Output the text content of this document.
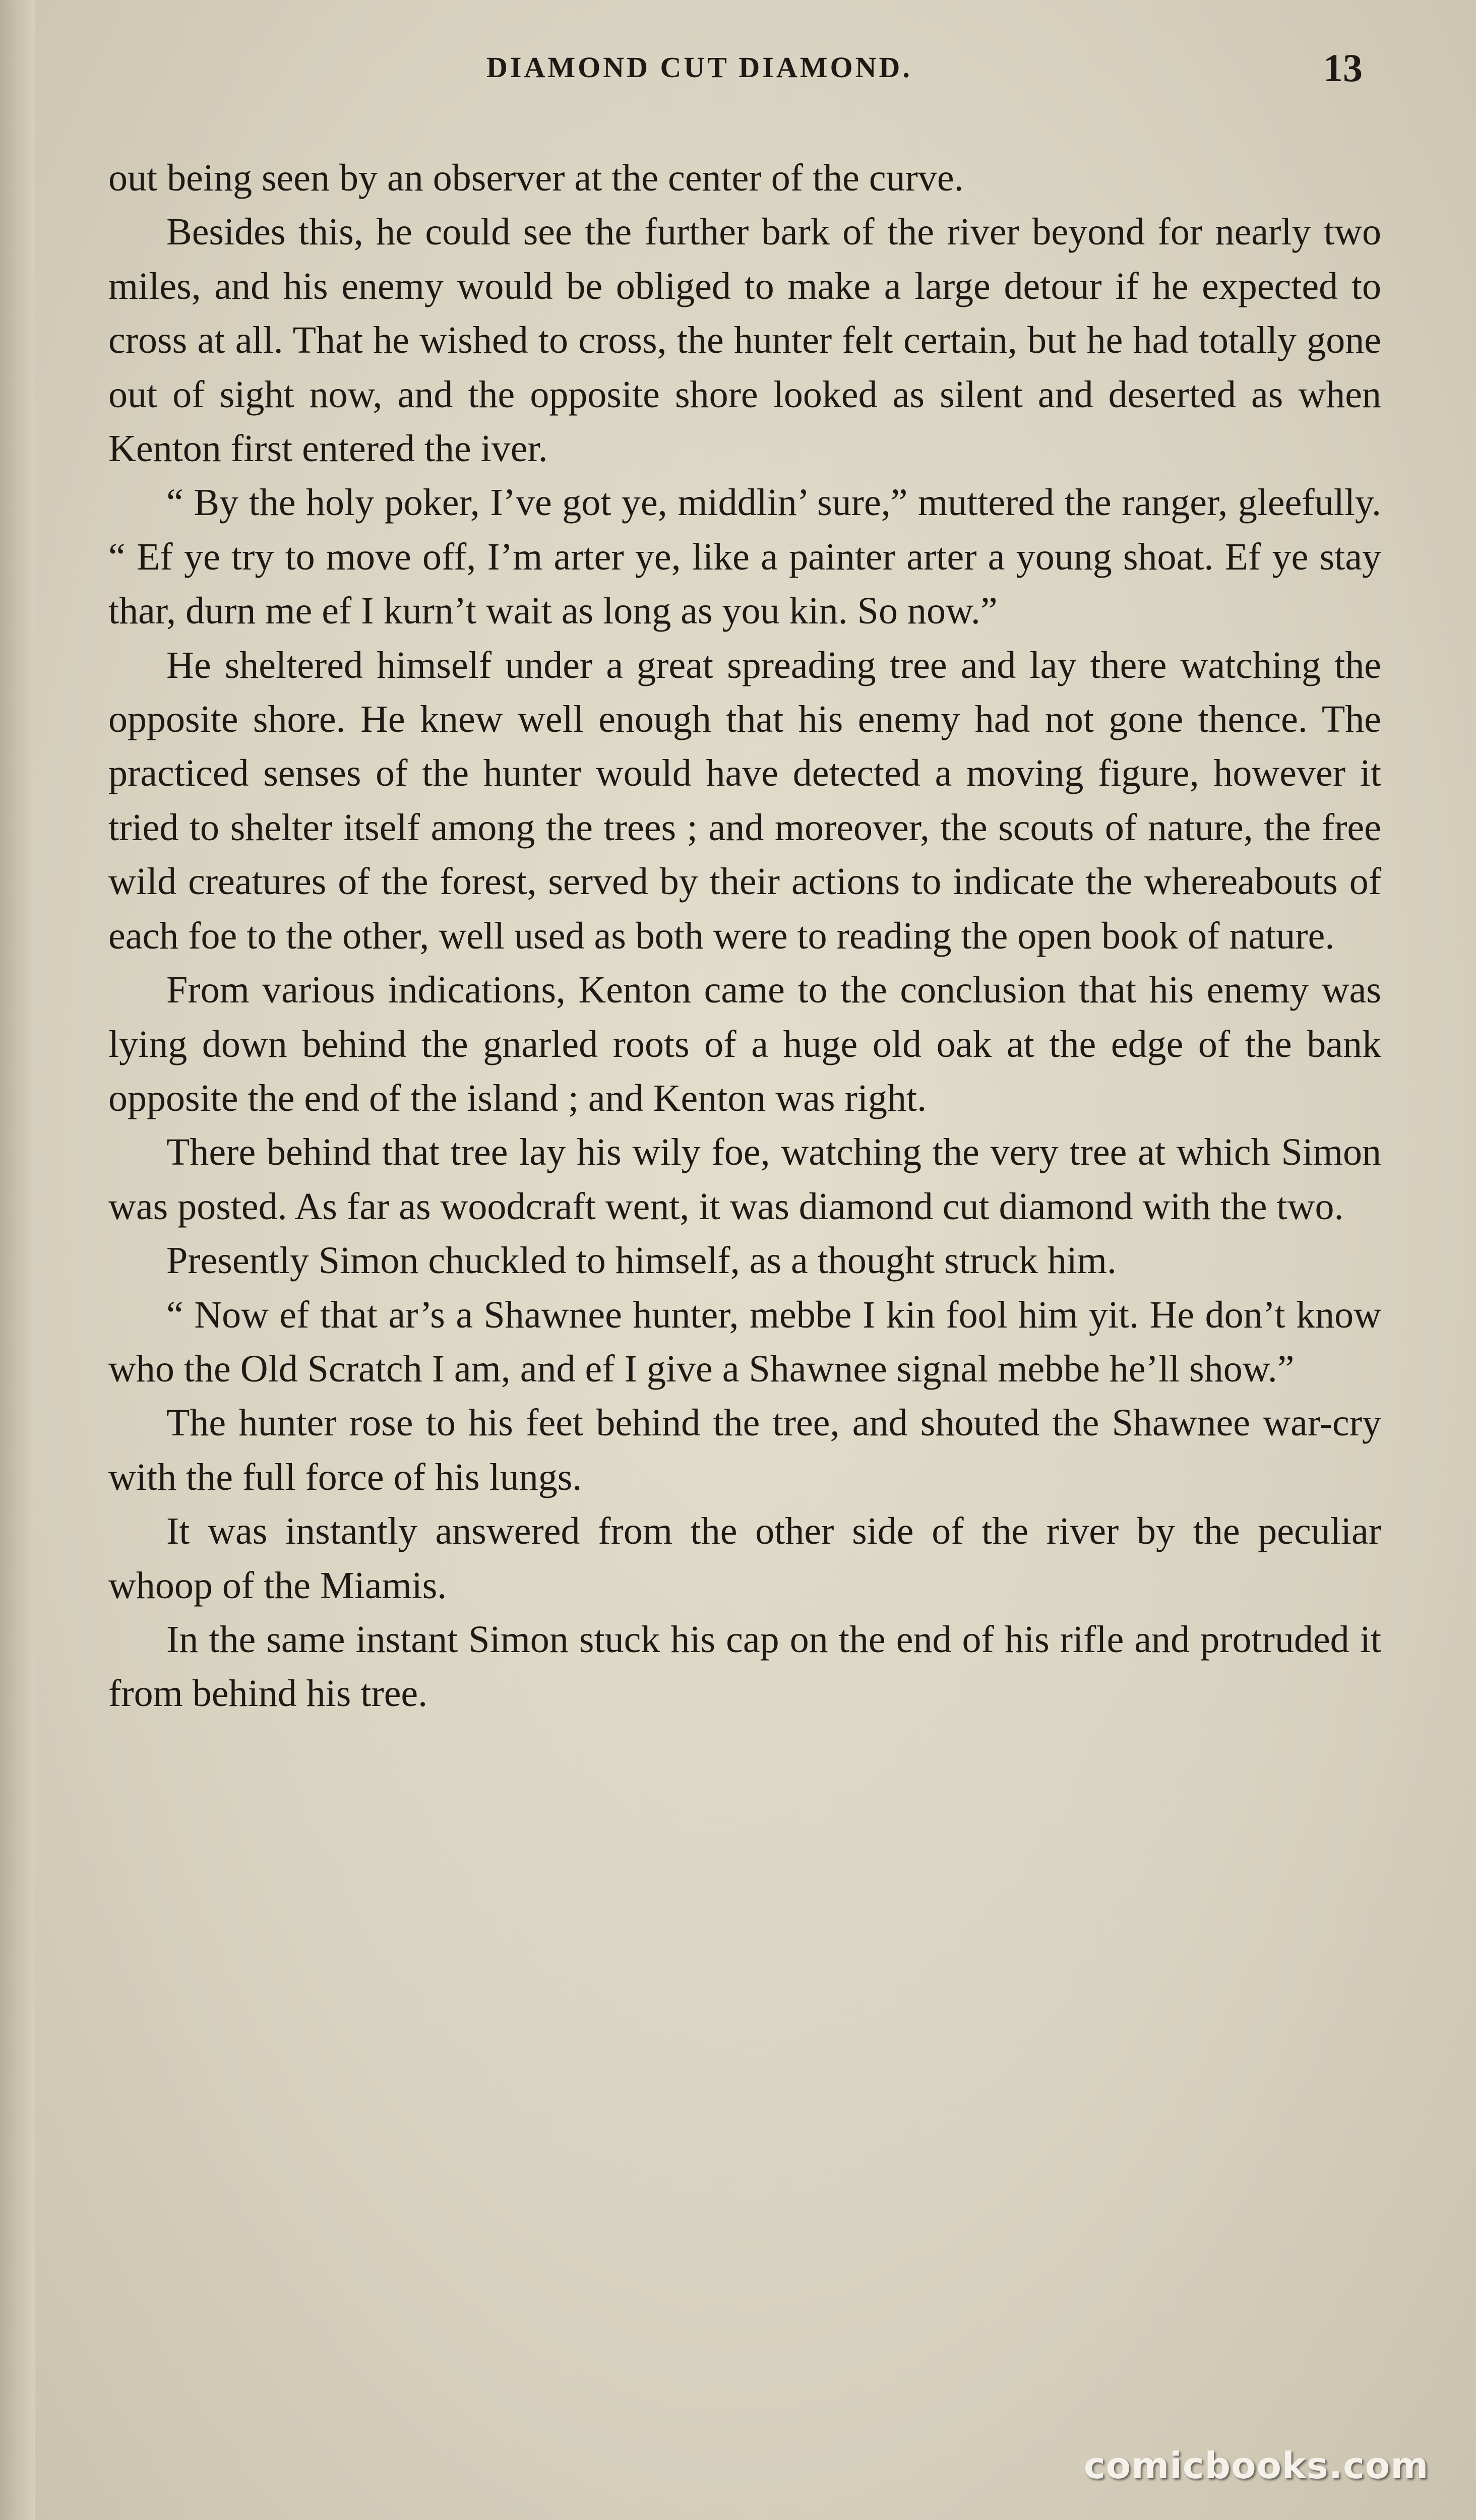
DIAMOND CUT DIAMOND.	13

out being seen by an observer at the center of the curve.

Besides this, he could see the further bark of the river beyond for nearly two miles, and his enemy would be obliged to make a large detour if he expected to cross at all. That he wished to cross, the hunter felt certain, but he had totally gone out of sight now, and the opposite shore looked as silent and deserted as when Kenton first entered the iver.

“ By the holy poker, I’ve got ye, middlin’ sure,” muttered the ranger, gleefully. “ Ef ye try to move off, I’m arter ye, like a painter arter a young shoat. Ef ye stay thar, durn me ef I kurn’t wait as long as you kin. So now.”

He sheltered himself under a great spreading tree and lay there watching the opposite shore. He knew well enough that his enemy had not gone thence. The practiced senses of the hunter would have detected a moving figure, however it tried to shelter itself among the trees ; and moreover, the scouts of nature, the free wild creatures of the forest, served by their actions to indicate the whereabouts of each foe to the other, well used as both were to reading the open book of nature.

From various indications, Kenton came to the conclusion that his enemy was lying down behind the gnarled roots of a huge old oak at the edge of the bank opposite the end of the island ; and Kenton was right.

There behind that tree lay his wily foe, watching the very tree at which Simon was posted. As far as woodcraft went, it was diamond cut diamond with the two.

Presently Simon chuckled to himself, as a thought struck him.

“ Now ef that ar’s a Shawnee hunter, mebbe I kin fool him yit. He don’t know who the Old Scratch I am, and ef I give a Shawnee signal mebbe he’ll show.”

The hunter rose to his feet behind the tree, and shouted the Shawnee war-cry with the full force of his lungs.

It was instantly answered from the other side of the river by the peculiar whoop of the Miamis.

In the same instant Simon stuck his cap on the end of his rifle and protruded it from behind his tree.

comicbooks.com
